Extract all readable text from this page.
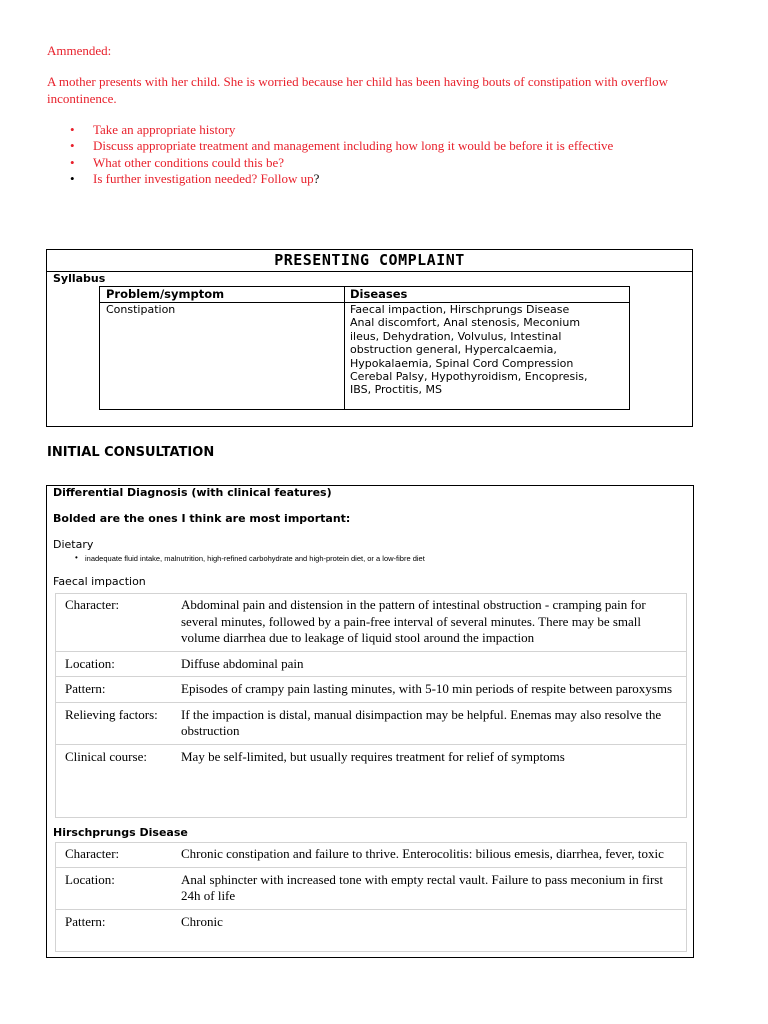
Ammended:
A mother presents with her child. She is worried because her child has been having bouts of constipation with overflow incontinence.
• Take an appropriate history
• Discuss appropriate treatment and management including how long it would be before it is effective
• What other conditions could this be?
• Is further investigation needed? Follow up?
PRESENTING COMPLAINT
Syllabus
Problem/symptom	Diseases
Constipation	Faecal impaction, Hirschprungs Disease
Anal discomfort, Anal stenosis, Meconium
ileus, Dehydration, Volvulus, Intestinal
obstruction general, Hypercalcaemia,
Hypokalaemia, Spinal Cord Compression
Cerebal Palsy, Hypothyroidism, Encopresis,
IBS, Proctitis, MS
INITIAL CONSULTATION
Differential Diagnosis (with clinical features)
Bolded are the ones I think are most important:
Dietary
• inadequate fluid intake, malnutrition, high-refined carbohydrate and high-protein diet, or a low-fibre diet
Faecal impaction
Character:	Abdominal pain and distension in the pattern of intestinal obstruction - cramping pain for several minutes, followed by a pain-free interval of several minutes. There may be small volume diarrhea due to leakage of liquid stool around the impaction
Location:	Diffuse abdominal pain
Pattern:	Episodes of crampy pain lasting minutes, with 5-10 min periods of respite between paroxysms
Relieving factors:	If the impaction is distal, manual disimpaction may be helpful. Enemas may also resolve the obstruction
Clinical course:	May be self-limited, but usually requires treatment for relief of symptoms
Hirschprungs Disease
Character:	Chronic constipation and failure to thrive. Enterocolitis: bilious emesis, diarrhea, fever, toxic
Location:	Anal sphincter with increased tone with empty rectal vault. Failure to pass meconium in first 24h of life
Pattern:	Chronic
